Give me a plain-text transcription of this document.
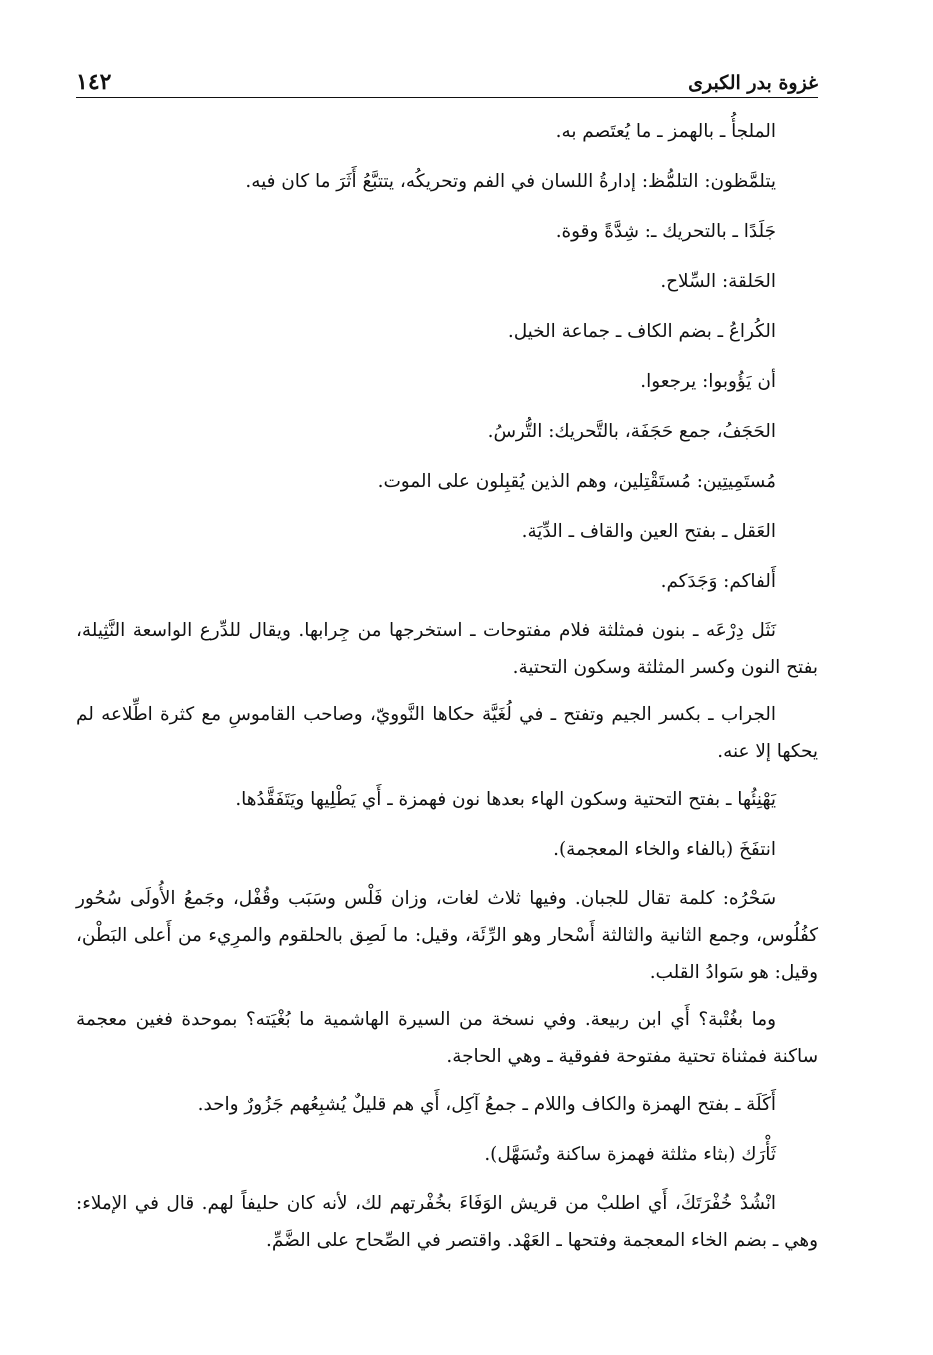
غزوة بدر الكبرى
١٤٢

الملجأُ ـ بالهمز ـ ما يُعتَصم به.

يتلمَّظون: التلمُّظ: إدارةُ اللسان في الفم وتحريكُه، يتتبَّعُ أَثَرَ ما كان فيه.

جَلَدًا ـ بالتحريك ـ: شِدَّةً وقوة.

الحَلقة: السِّلاح.

الكُراعُ ـ بضم الكاف ـ جماعة الخيل.

أن يَؤُوبوا: يرجعوا.

الحَجَفُ، جمع حَجَفَة، بالتَّحريك: التُّرسُ.

مُستَمِيتِين: مُستَقْتِلين، وهم الذين يُقبِلون على الموت.

العَقل ـ بفتح العين والقاف ـ الدِّيَة.

أَلفاكم: وَجَدَكم.

نَثَل دِرْعَه ـ بنون فمثلثة فلام مفتوحات ـ استخرجها من جِرابها. ويقال للدِّرع الواسعة النَّثِيلة، بفتح النون وكسر المثلثة وسكون التحتية.

الجراب ـ بكسر الجيم وتفتح ـ في لُغَيَّة حكاها النَّوويّ، وصاحب القاموسِ مع كثرة اطِّلاعه لم يحكها إلا عنه.

يَهْنِئُها ـ بفتح التحتية وسكون الهاء بعدها نون فهمزة ـ أَي يَطْلِيها ويَتَفَقَّدُها.

انتفَخَ (بالفاء والخاء المعجمة).

سَحْرُه: كلمة تقال للجبان. وفيها ثلاث لغات، وزان فَلْس وسَبَب وقُفْل، وجَمعُ الأُولَى سُحُور كفُلُوس، وجمع الثانية والثالثة أَسْحار وهو الرِّئَة، وقيل: ما لَصِق بالحلقوم والمرِيء من أَعلى البَطْن، وقيل: هو سَوادُ القلب.

وما بغُتْبة؟ أَي ابن ربيعة. وفي نسخة من السيرة الهاشمية ما بُغْيَته؟ بموحدة فغين معجمة ساكنة فمثناة تحتية مفتوحة ففوقية ـ وهي الحاجة.

أَكَلَة ـ بفتح الهمزة والكاف واللام ـ جمعُ آكِل، أَي هم قليلٌ يُشبِعُهم جَزُورٌ واحد.

ثَأْرَك (بثاء مثلثة فهمزة ساكنة وتُسَهَّل).

انْشُدْ خُفْرَتَكَ، أَي اطلبْ من قريش الوَفَاءَ بخُفْرتهم لك، لأنه كان حليفاً لهم. قال في الإملاء: وهي ـ بضم الخاء المعجمة وفتحها ـ العَهْد. واقتصر في الصِّحاح على الضَّمِّ.
